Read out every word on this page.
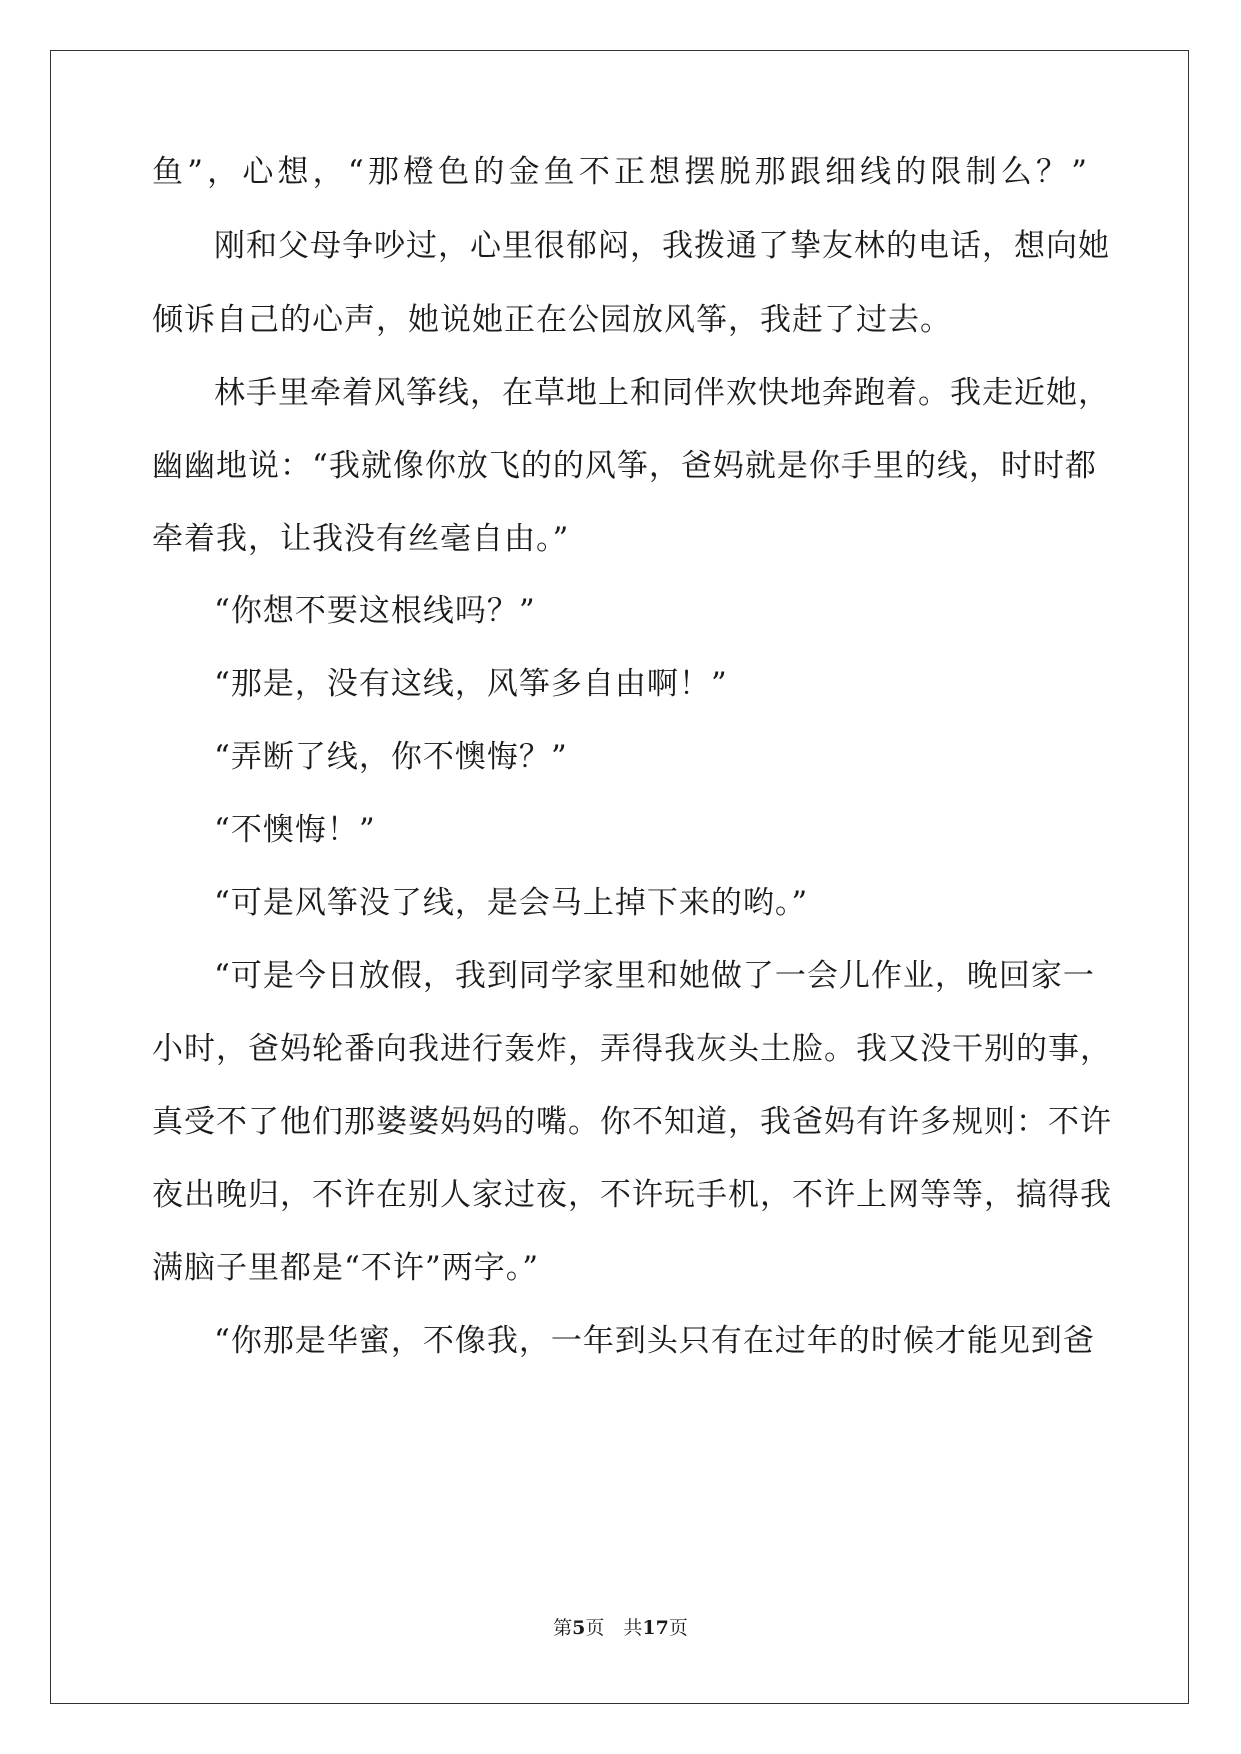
鱼”，心想，“那橙色的金鱼不正想摆脱那跟细线的限制么？”
刚和父母争吵过，心里很郁闷，我拨通了挚友林的电话，想向她
倾诉自己的心声，她说她正在公园放风筝，我赶了过去。
林手里牵着风筝线，在草地上和同伴欢快地奔跑着。我走近她，
幽幽地说：“我就像你放飞的的风筝，爸妈就是你手里的线，时时都
牵着我，让我没有丝毫自由。”
“你想不要这根线吗？”
“那是，没有这线，风筝多自由啊！”
“弄断了线，你不懊悔？”
“不懊悔！”
“可是风筝没了线，是会马上掉下来的哟。”
“可是今日放假，我到同学家里和她做了一会儿作业，晚回家一
小时，爸妈轮番向我进行轰炸，弄得我灰头土脸。我又没干别的事，
真受不了他们那婆婆妈妈的嘴。你不知道，我爸妈有许多规则：不许
夜出晚归，不许在别人家过夜，不许玩手机，不许上网等等，搞得我
满脑子里都是“不许”两字。”
“你那是华蜜，不像我，一年到头只有在过年的时候才能见到爸
第5页　共17页
